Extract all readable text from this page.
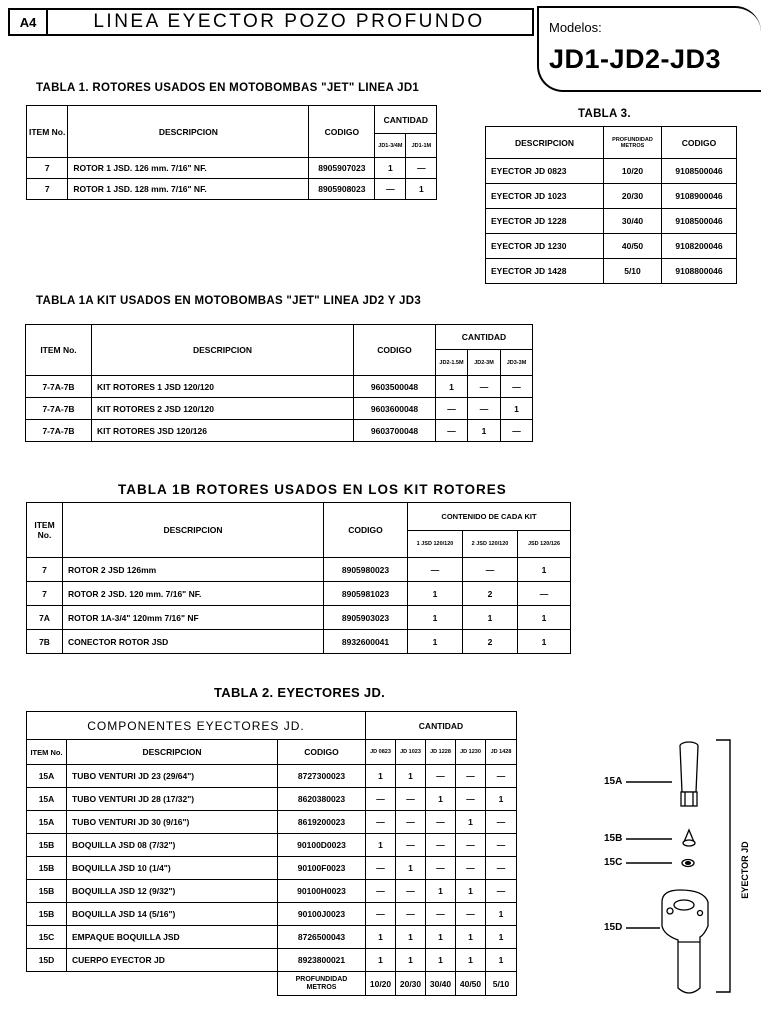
A4	LINEA EYECTOR POZO PROFUNDO	Modelos:
JD1-JD2-JD3
TABLA 1. ROTORES USADOS EN MOTOBOMBAS "JET" LINEA JD1
ITEM No.	DESCRIPCION	CODIGO	CANTIDAD	
			JD1-3/4M	JD1-1M
7	ROTOR 1 JSD. 126 mm. 7/16" NF.	8905907023	1	—
7	ROTOR 1 JSD. 128 mm. 7/16" NF.	8905908023	—	1
TABLA 3.
DESCRIPCION	PROFUNDIDAD METROS	CODIGO
EYECTOR JD 0823	10/20	9108500046
EYECTOR JD 1023	20/30	9108900046
EYECTOR JD 1228	30/40	9108500046
EYECTOR JD 1230	40/50	9108200046
EYECTOR JD 1428	5/10	9108800046
TABLA 1A KIT USADOS EN MOTOBOMBAS "JET" LINEA JD2 Y JD3
ITEM No.	DESCRIPCION	CODIGO	CANTIDAD		
			JD2-1.5M	JD2-3M	JD3-3M
7-7A-7B	KIT ROTORES 1 JSD 120/120	9603500048	1	—	—
7-7A-7B	KIT ROTORES 2 JSD 120/120	9603600048	—	—	1
7-7A-7B	KIT ROTORES JSD 120/126	9603700048	—	1	—
TABLA 1B ROTORES USADOS EN LOS KIT ROTORES
ITEM No.	DESCRIPCION	CODIGO	CONTENIDO DE CADA KIT		
			1 JSD 120/120	2 JSD 120/120	JSD 120/126
7	ROTOR 2 JSD 126mm	8905980023	—	—	1
7	ROTOR 2 JSD. 120 mm. 7/16" NF.	8905981023	1	2	—
7A	ROTOR 1A-3/4" 120mm 7/16" NF	8905903023	1	1	1
7B	CONECTOR ROTOR JSD	8932600041	1	2	1
TABLA 2. EYECTORES JD.
COMPONENTES EYECTORES JD.			CANTIDAD				
ITEM No.	DESCRIPCION	CODIGO	JD 0823	JD 1023	JD 1228	JD 1230	JD 1428
15A	TUBO VENTURI JD 23 (29/64")	8727300023	1	1	—	—	—
15A	TUBO VENTURI JD 28 (17/32")	8620380023	—	—	1	—	1
15A	TUBO VENTURI JD 30 (9/16")	8619200023	—	—	—	1	—
15B	BOQUILLA JSD 08 (7/32")	90100D0023	1	—	—	—	—
15B	BOQUILLA JSD 10 (1/4")	90100F0023	—	1	—	—	—
15B	BOQUILLA JSD 12 (9/32")	90100H0023	—	—	1	1	—
15B	BOQUILLA JSD 14 (5/16")	90100J0023	—	—	—	—	1
15C	EMPAQUE BOQUILLA JSD	8726500043	1	1	1	1	1
15D	CUERPO EYECTOR JD	8923800021	1	1	1	1	1
		PROFUNDIDAD METROS	10/20	20/30	30/40	40/50	5/10
15A
15B
15C
15D
EYECTOR JD
